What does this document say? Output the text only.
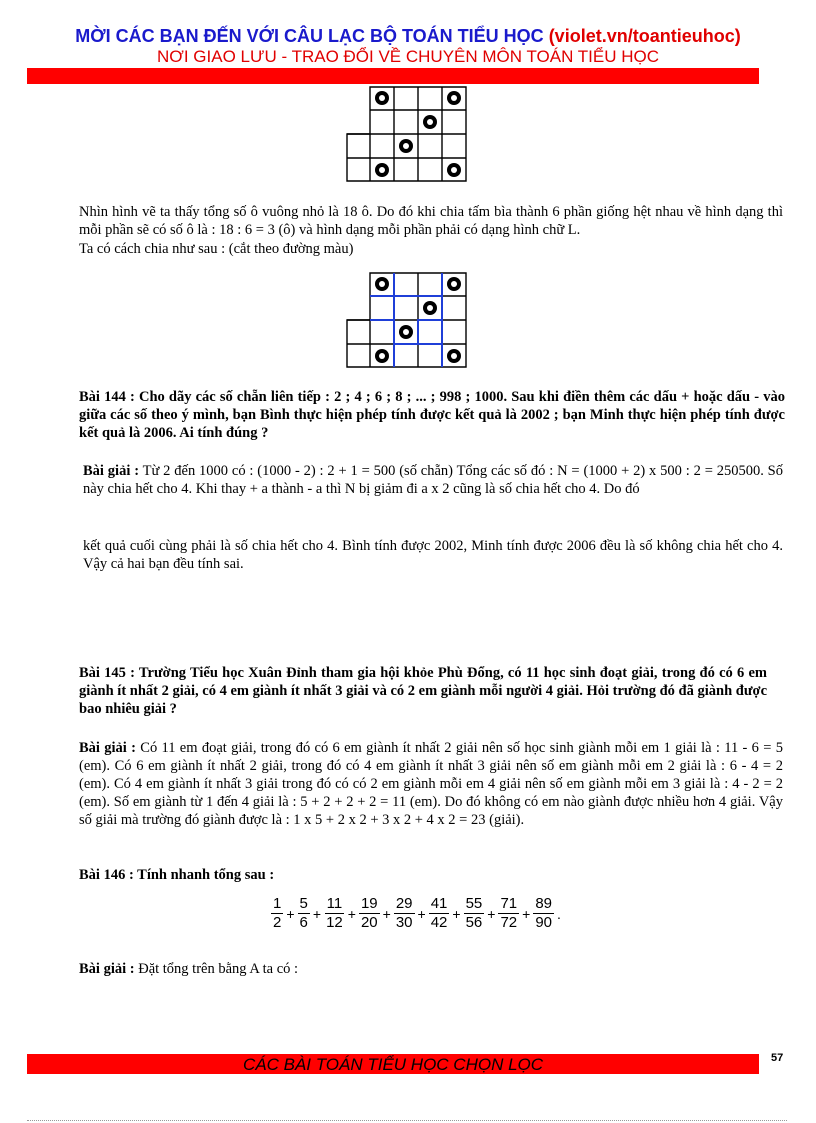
MỜI CÁC BẠN ĐẾN VỚI CÂU LẠC BỘ TOÁN TIỂU HỌC (violet.vn/toantieuhoc)
NƠI GIAO LƯU - TRAO ĐỔI VỀ CHUYÊN MÔN TOÁN TIỂU HỌC
Nhìn hình vẽ ta thấy tổng số ô vuông nhỏ là 18 ô. Do đó khi chia tấm bìa thành 6 phần giống hệt nhau về hình dạng thì mỗi phần sẽ có số ô là : 18 : 6 = 3 (ô) và hình dạng mỗi phần phải có dạng hình chữ L.
Ta có cách chia như sau : (cắt theo đường màu)
Bài 144 : Cho dãy các số chẵn liên tiếp : 2 ; 4 ; 6 ; 8 ; ... ; 998 ; 1000. Sau khi điền thêm các dấu + hoặc dấu - vào giữa các số theo ý mình, bạn Bình thực hiện phép tính được kết quả là 2002 ; bạn Minh thực hiện phép tính được kết quả là 2006. Ai tính đúng ?
Bài giải : Từ 2 đến 1000 có : (1000 - 2) : 2 + 1 = 500 (số chẵn) Tổng các số đó : N = (1000 + 2) x 500 : 2 = 250500. Số này chia hết cho 4. Khi thay + a thành - a thì N bị giảm đi a x 2 cũng là số chia hết cho 4. Do đó
kết quả cuối cùng phải là số chia hết cho 4. Bình tính được 2002, Minh tính được 2006 đều là số không chia hết cho 4. Vậy cả hai bạn đều tính sai.
Bài 145 : Trường Tiểu học Xuân Đỉnh tham gia hội khỏe Phù Đổng, có 11 học sinh đoạt giải, trong đó có 6 em giành ít nhất 2 giải, có 4 em giành ít nhất 3 giải và có 2 em giành mỗi người 4 giải. Hỏi trường đó đã giành được bao nhiêu giải ?
Bài giải : Có 11 em đoạt giải, trong đó có 6 em giành ít nhất 2 giải nên số học sinh giành mỗi em 1 giải là : 11 - 6 = 5 (em). Có 6 em giành ít nhất 2 giải, trong đó có 4 em giành ít nhất 3 giải nên số em giành mỗi em 2 giải là : 6 - 4 = 2 (em). Có 4 em giành ít nhất 3 giải trong đó có có 2 em giành mỗi em 4 giải nên số em giành mỗi em 3 giải là : 4 - 2 = 2 (em). Số em giành từ 1 đến 4 giải là : 5 + 2 + 2 + 2 = 11 (em). Do đó không có em nào giành được nhiều hơn 4 giải. Vậy số giải mà trường đó giành được là : 1 x 5 + 2 x 2 + 3 x 2 + 4 x 2 = 23 (giải).
Bài 146 : Tính nhanh tổng sau :
$\frac{1}{2} + \frac{5}{6} + \frac{11}{12} + \frac{19}{20} + \frac{29}{30} + \frac{41}{42} + \frac{55}{56} + \frac{71}{72} + \frac{89}{90}$ .
Bài giải : Đặt tổng trên bằng A ta có :
CÁC BÀI TOÁN TIỂU HỌC CHỌN LỌC	57
